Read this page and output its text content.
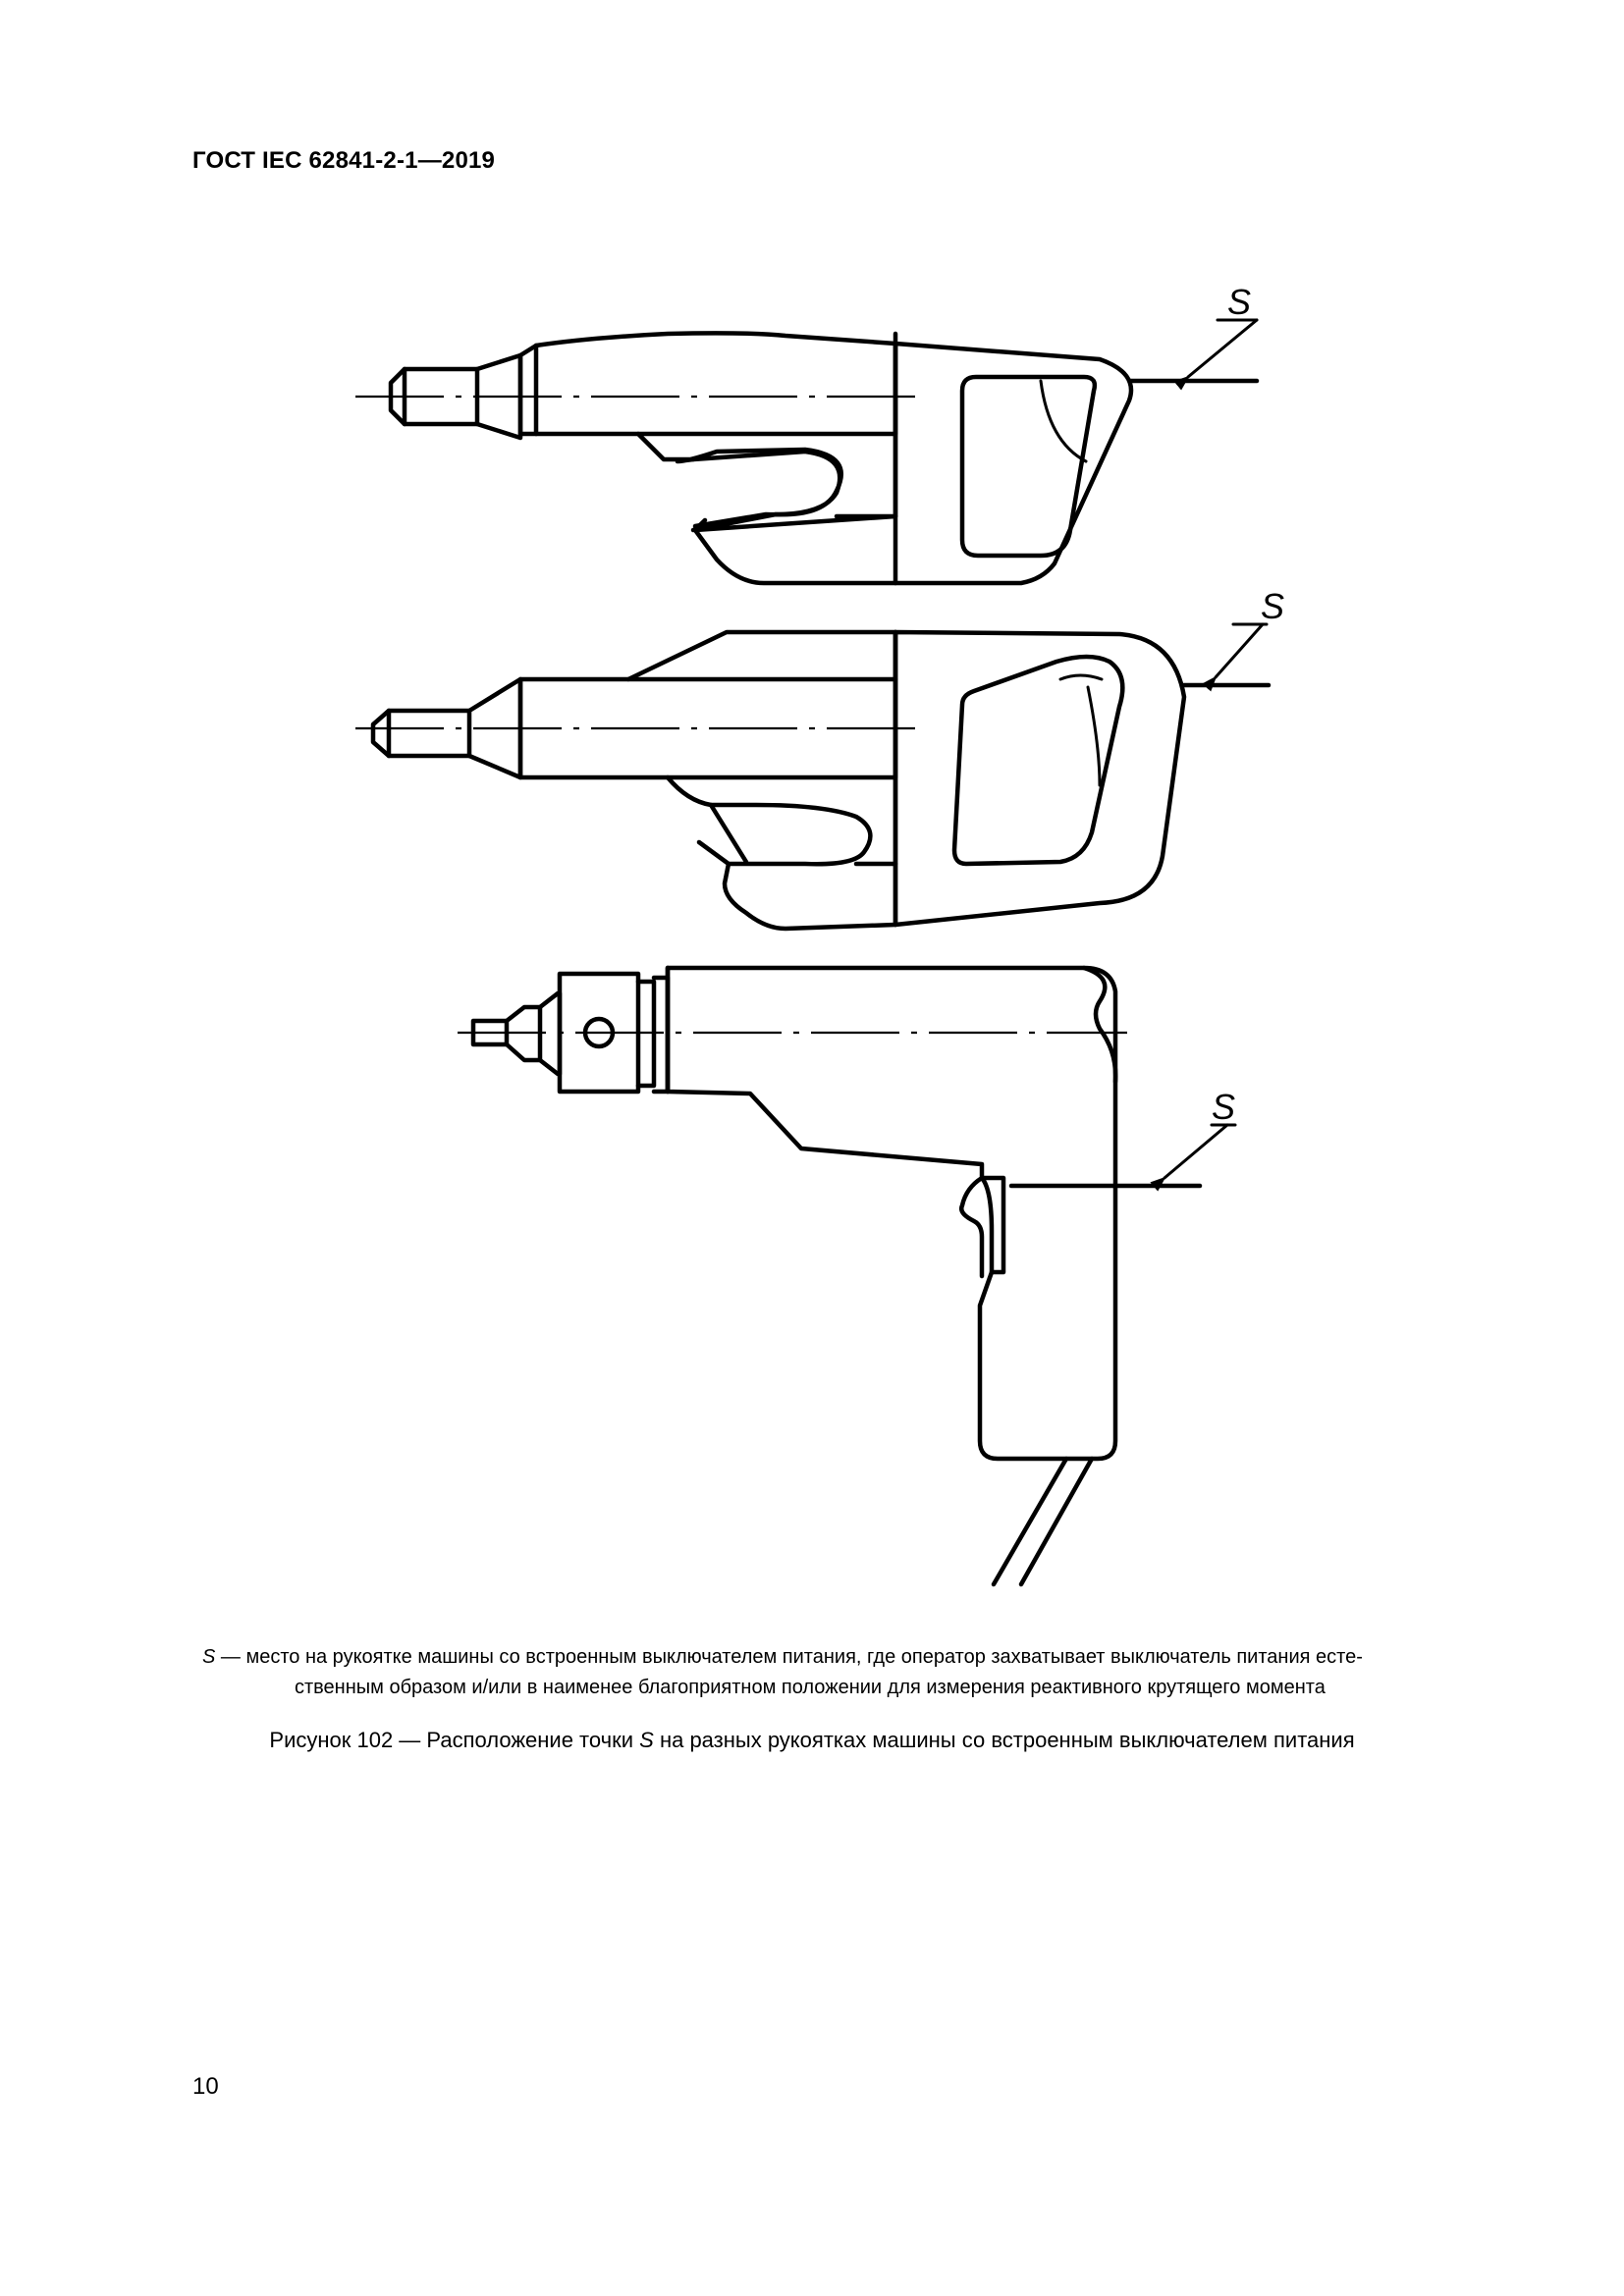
ГОСТ IEC 62841-2-1—2019
S
S
S
S — место на рукоятке машины со встроенным выключателем питания, где оператор захватывает выключатель питания есте-
ственным образом и/или в наименее благоприятном положении для измерения реактивного крутящего момента
Рисунок 102 — Расположение точки S на разных рукоятках машины со встроенным выключателем питания
10
